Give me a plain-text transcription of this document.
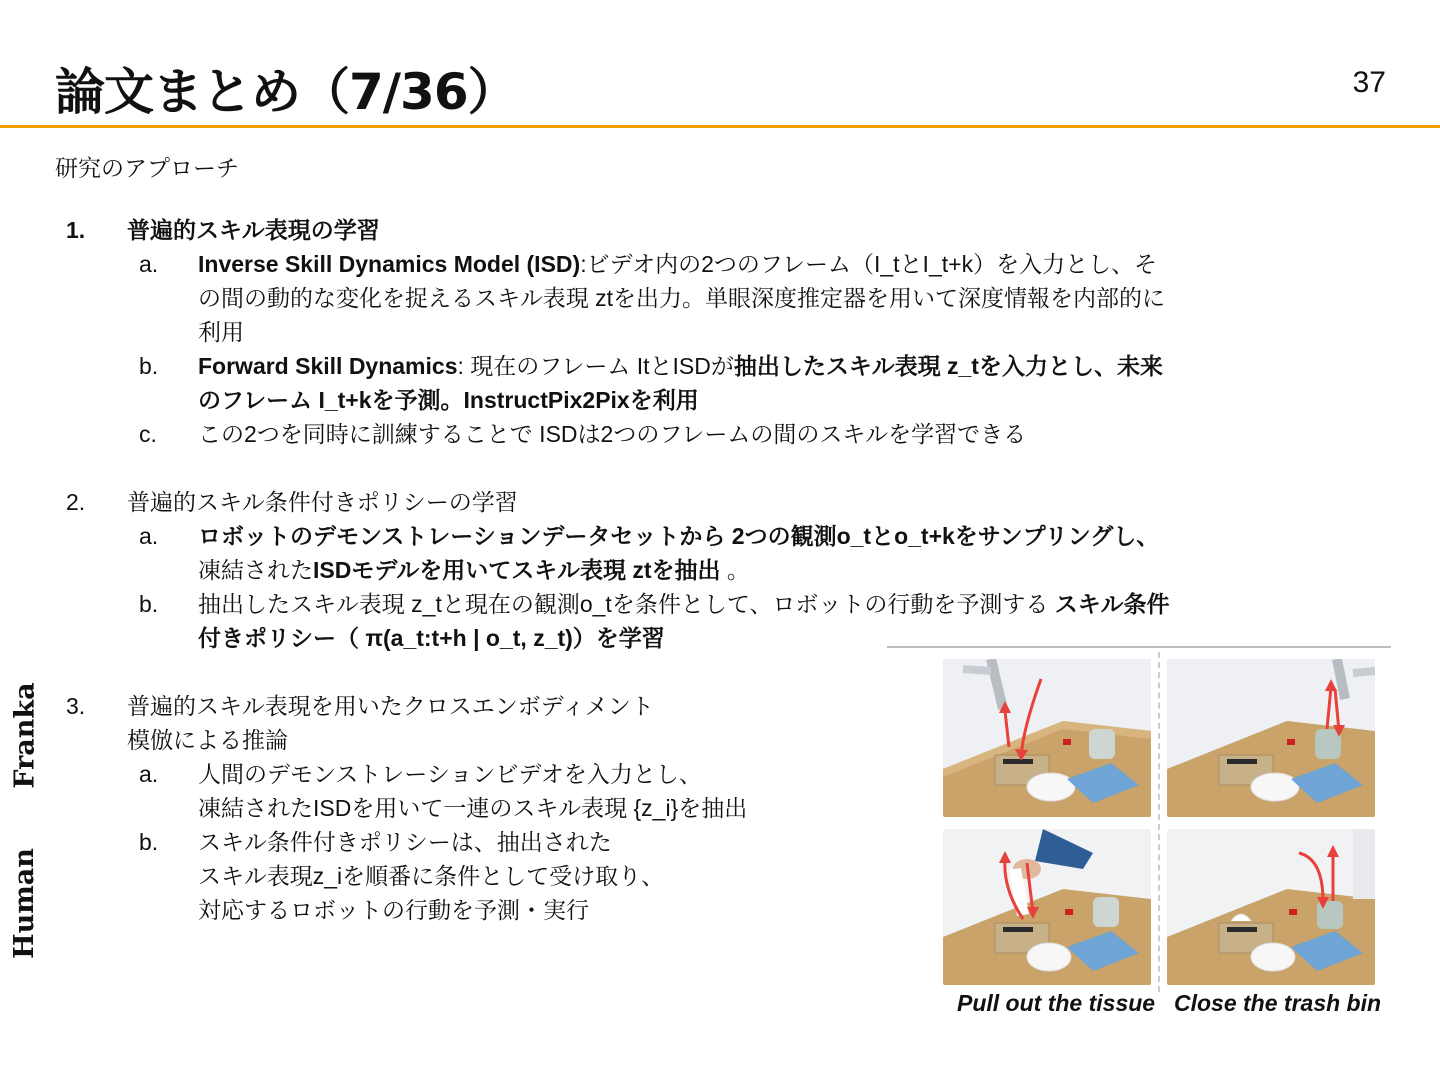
論文まとめ（7/36）	37
研究のアプローチ
1. 普遍的スキル表現の学習
a. Inverse Skill Dynamics Model (ISD):ビデオ内の2つのフレーム（I_tとI_t+k）を入力とし、その間の動的な変化を捉えるスキル表現 ztを出力。単眼深度推定器を用いて深度情報を内部的に利用
b. Forward Skill Dynamics: 現在のフレーム ItとISDが抽出したスキル表現 z_tを入力とし、未来のフレーム I_t+kを予測。InstructPix2Pixを利用
c. この2つを同時に訓練することで ISDは2つのフレームの間のスキルを学習できる
2. 普遍的スキル条件付きポリシーの学習
a. ロボットのデモンストレーションデータセットから 2つの観測o_tとo_t+kをサンプリングし、
凍結されたISDモデルを用いてスキル表現 ztを抽出 。
b. 抽出したスキル表現 z_tと現在の観測o_tを条件として、ロボットの行動を予測する スキル条件付きポリシー（ π(a_t:t+h | o_t, z_t)）を学習
3. 普遍的スキル表現を用いたクロスエンボディメント
模倣による推論
a. 人間のデモンストレーションビデオを入力とし、
凍結されたISDを用いて一連のスキル表現 {z_i}を抽出
b. スキル条件付きポリシーは、抽出された
スキル表現z_iを順番に条件として受け取り、
対応するロボットの行動を予測・実行
Franka
Human
Pull out the tissue Close the trash bin
